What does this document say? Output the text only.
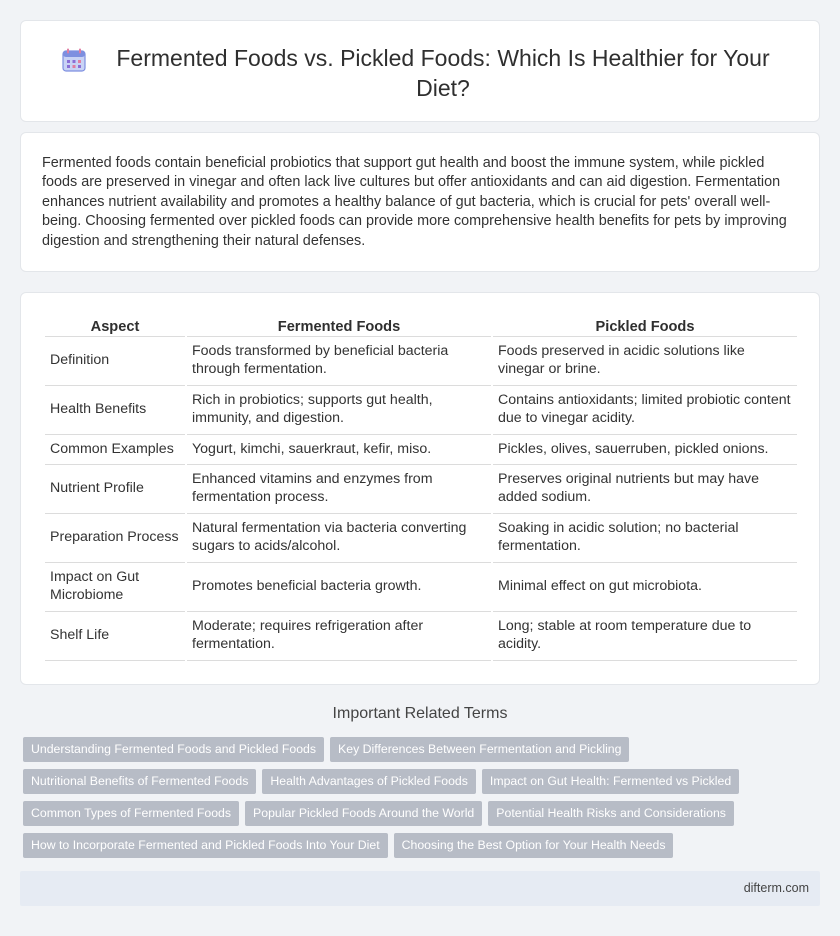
Fermented Foods vs. Pickled Foods: Which Is Healthier for Your Diet?

Fermented foods contain beneficial probiotics that support gut health and boost the immune system, while pickled foods are preserved in vinegar and often lack live cultures but offer antioxidants and can aid digestion. Fermentation enhances nutrient availability and promotes a healthy balance of gut bacteria, which is crucial for pets' overall well-being. Choosing fermented over pickled foods can provide more comprehensive health benefits for pets by improving digestion and strengthening their natural defenses.

Aspect	Fermented Foods	Pickled Foods
Definition	Foods transformed by beneficial bacteria through fermentation.	Foods preserved in acidic solutions like vinegar or brine.
Health Benefits	Rich in probiotics; supports gut health, immunity, and digestion.	Contains antioxidants; limited probiotic content due to vinegar acidity.
Common Examples	Yogurt, kimchi, sauerkraut, kefir, miso.	Pickles, olives, sauerruben, pickled onions.
Nutrient Profile	Enhanced vitamins and enzymes from fermentation process.	Preserves original nutrients but may have added sodium.
Preparation Process	Natural fermentation via bacteria converting sugars to acids/alcohol.	Soaking in acidic solution; no bacterial fermentation.
Impact on Gut Microbiome	Promotes beneficial bacteria growth.	Minimal effect on gut microbiota.
Shelf Life	Moderate; requires refrigeration after fermentation.	Long; stable at room temperature due to acidity.
Important Related Terms
Understanding Fermented Foods and Pickled Foods	Key Differences Between Fermentation and Pickling
Nutritional Benefits of Fermented Foods	Health Advantages of Pickled Foods	Impact on Gut Health: Fermented vs Pickled
Common Types of Fermented Foods	Popular Pickled Foods Around the World	Potential Health Risks and Considerations
How to Incorporate Fermented and Pickled Foods Into Your Diet	Choosing the Best Option for Your Health Needs
difterm.com
